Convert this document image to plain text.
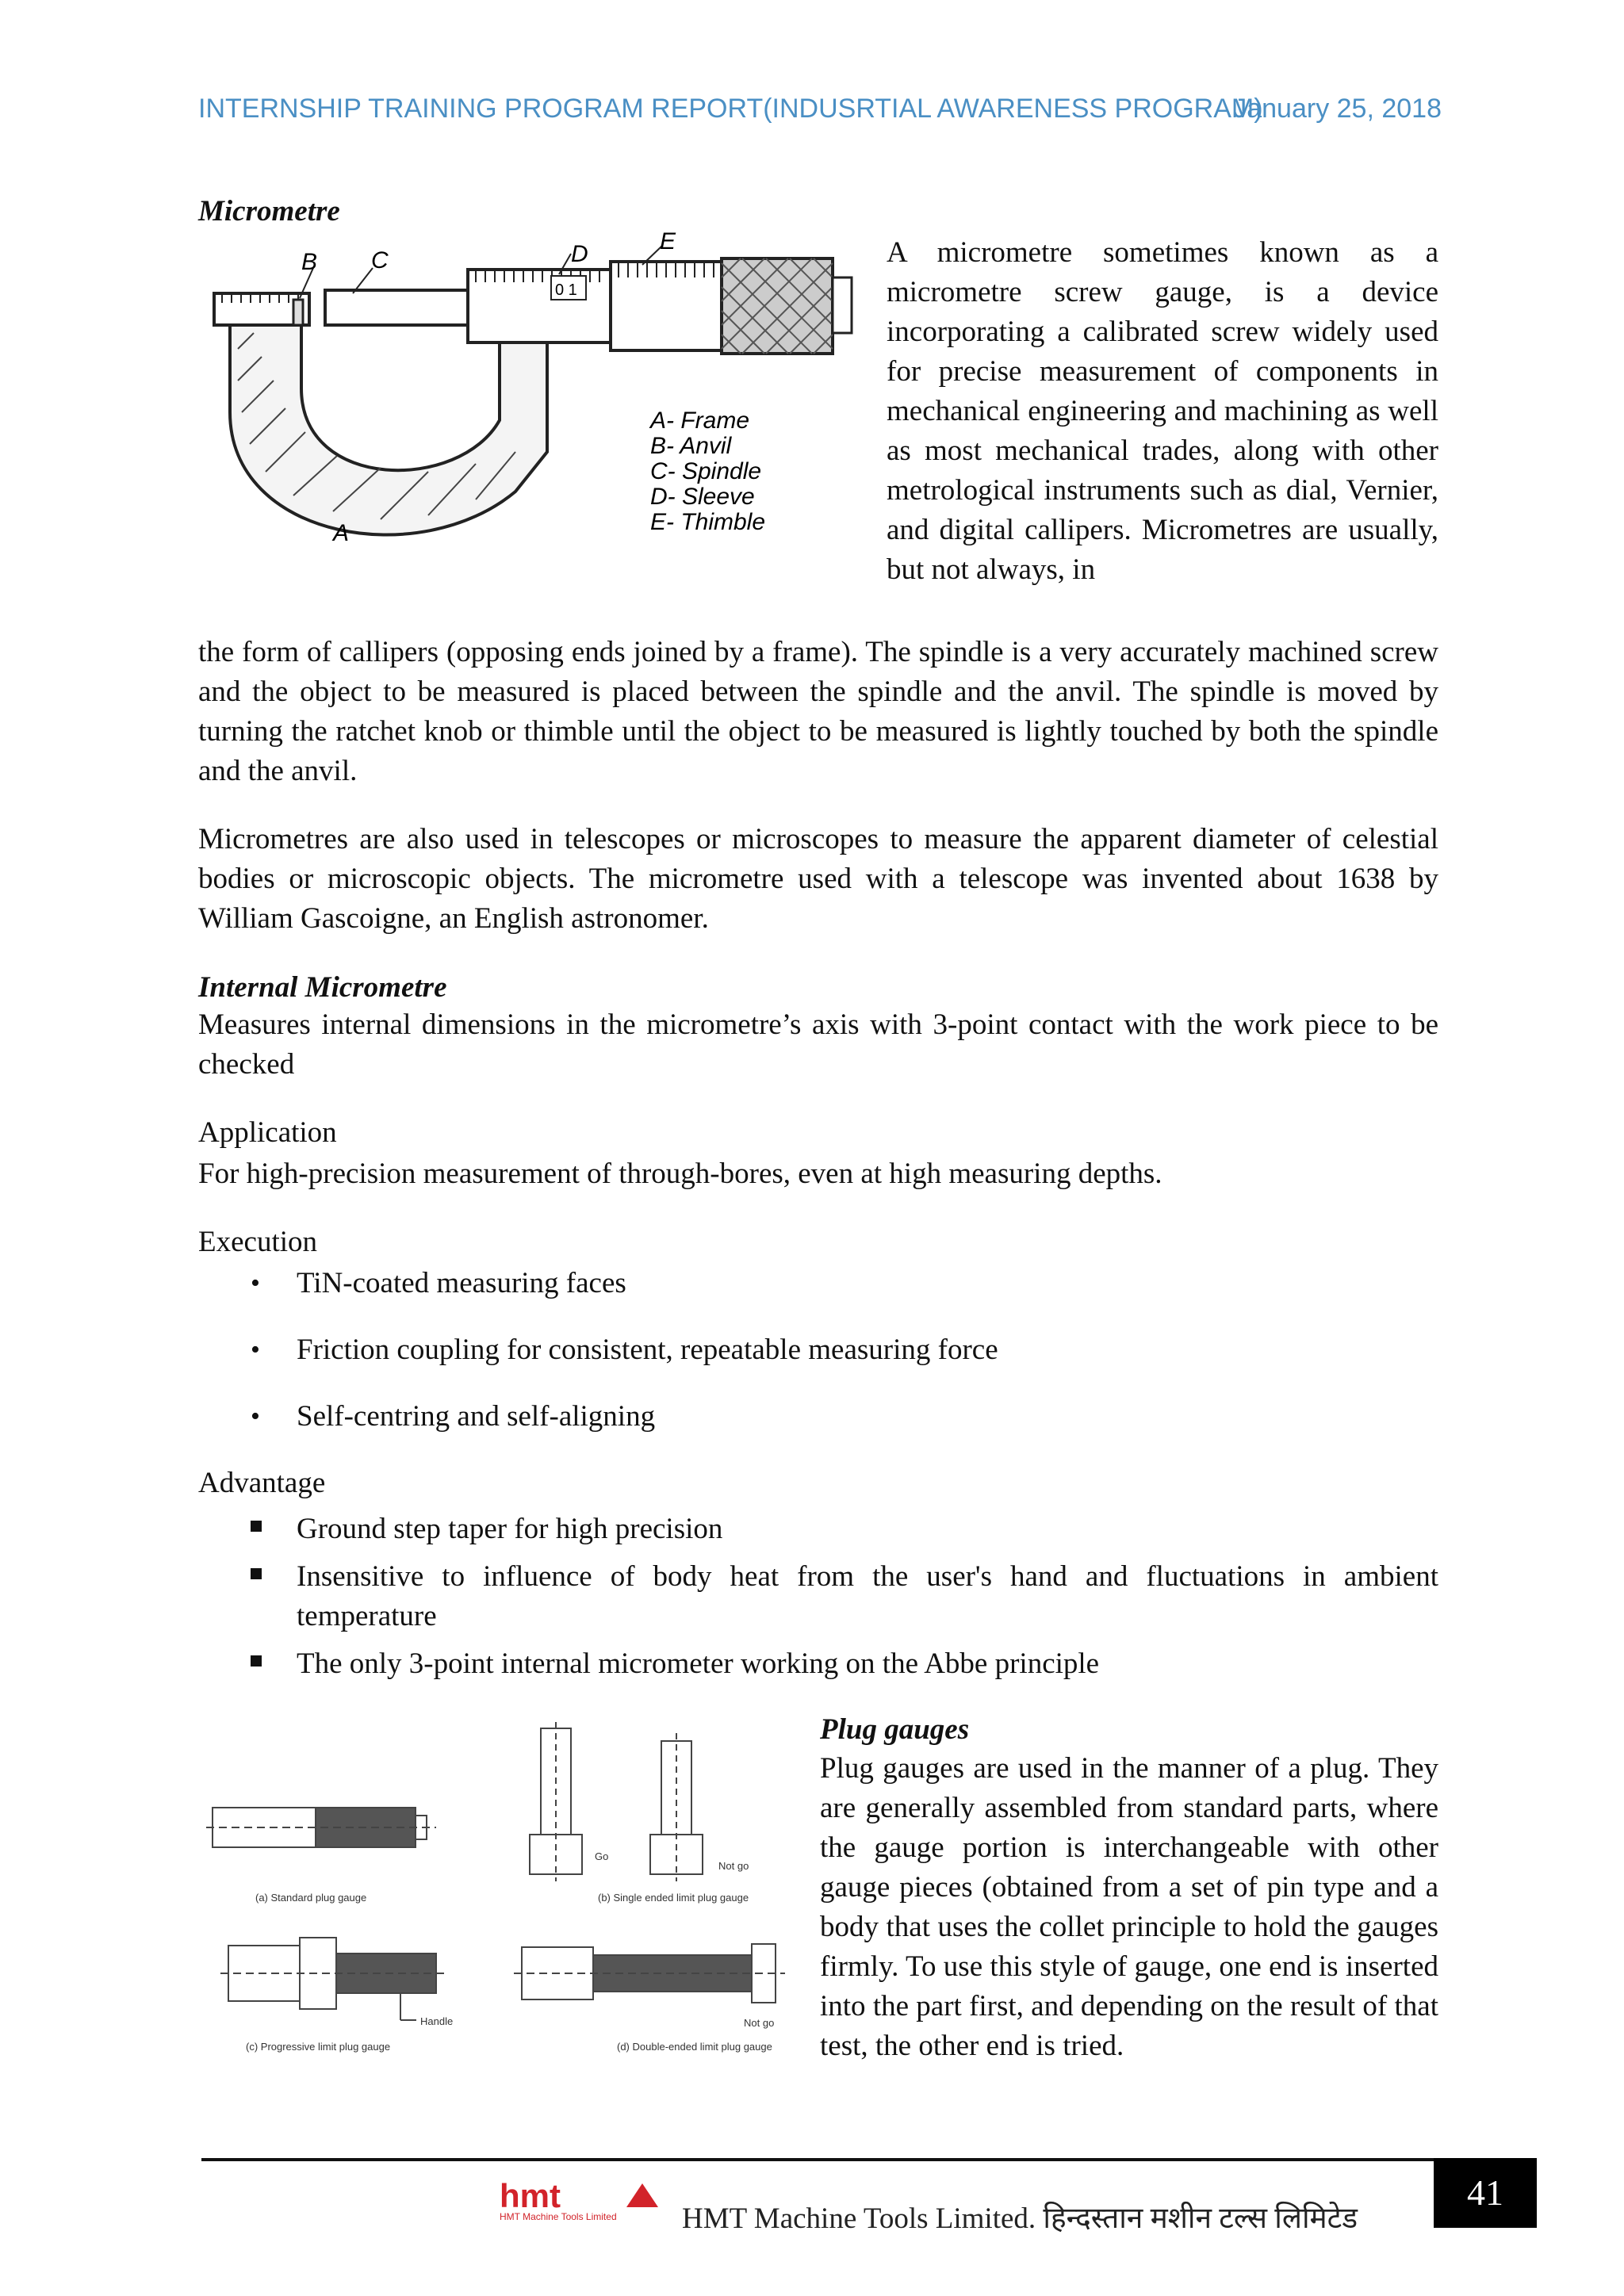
INTERNSHIP TRAINING PROGRAM REPORT(INDUSRTIAL AWARENESS PROGRAM)
January 25, 2018
Micrometre
0 1
B C	D	E
A
A- Frame
B- Anvil
C- Spindle
D- Sleeve
E- Thimble
A micrometre sometimes known as a micrometre screw gauge, is a device incorporating a calibrated screw widely used for precise measurement of components in mechanical engineering and machining as well as most mechanical trades, along with other metrological instruments such as dial, Vernier, and digital callipers. Micrometres are usually, but not always, in
the form of callipers (opposing ends joined by a frame). The spindle is a very accurately machined screw and the object to be measured is placed between the spindle and the anvil. The spindle is moved by turning the ratchet knob or thimble until the object to be measured is lightly touched by both the spindle and the anvil.
Micrometres are also used in telescopes or microscopes to measure the apparent diameter of celestial bodies or microscopic objects. The micrometre used with a telescope was invented about 1638 by William Gascoigne, an English astronomer.
Internal Micrometre
Measures internal dimensions in the micrometre’s axis with 3-point contact with the work piece to be checked
Application
For high-precision measurement of through-bores, even at high measuring depths.
Execution
• TiN-coated measuring faces
• Friction coupling for consistent, repeatable measuring force
• Self-centring and self-aligning
Advantage
Ground step taper for high precision
Insensitive to influence of body heat from the user's hand and fluctuations in ambient temperature
The only 3-point internal micrometer working on the Abbe principle
(a) Standard plug gauge	(b) Single ended limit plug gauge
(c) Progressive limit plug gauge	(d) Double-ended limit plug gauge
Go
Not go
Handle	Not go
Plug gauges
Plug gauges are used in the manner of a plug. They are generally assembled from standard parts, where the gauge portion is interchangeable with other gauge pieces (obtained from a set of pin type and a body that uses the collet principle to hold the gauges firmly. To use this style of gauge, one end is inserted into the part first, and depending on the result of that test, the other end is tried.
hmt
HMT Machine Tools Limited HMT Machine Tools Limited. हिन्दस्तान मशीन टल्स लिमिटेड
41
